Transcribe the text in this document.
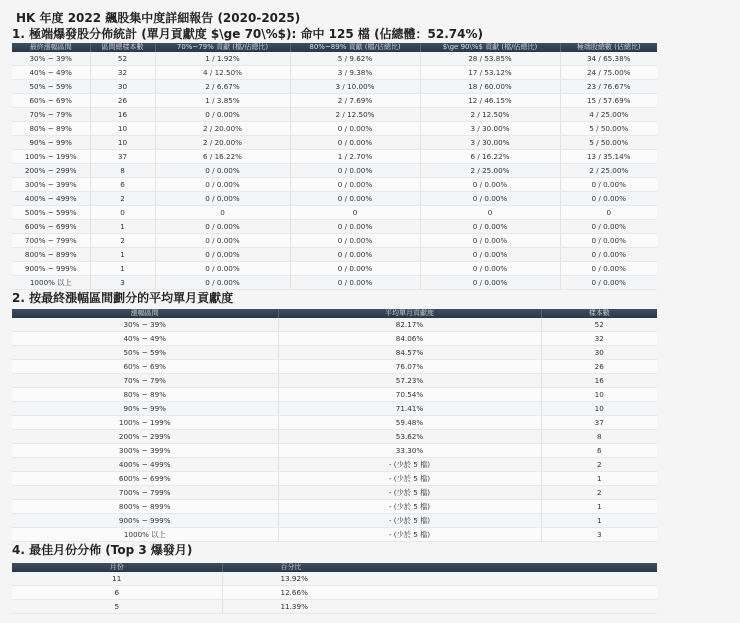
HK 年度 2022 飆股集中度詳細報告 (2020-2025)
1. 極端爆發股分佈統計 (單月貢獻度 $\ge 70\%$): 命中 125 檔 (佔總體：52.74%)
最終漲幅區間	區間總樣本數	70%~79% 貢獻 (檔/佔總比)	80%~89% 貢獻 (檔/佔總比)	$\ge 90\%$ 貢獻 (檔/佔總比)	極端股總數 (佔總比)
30% ~ 39%	52	1 / 1.92%	5 / 9.62%	28 / 53.85%	34 / 65.38%
40% ~ 49%	32	4 / 12.50%	3 / 9.38%	17 / 53.12%	24 / 75.00%
50% ~ 59%	30	2 / 6.67%	3 / 10.00%	18 / 60.00%	23 / 76.67%
60% ~ 69%	26	1 / 3.85%	2 / 7.69%	12 / 46.15%	15 / 57.69%
70% ~ 79%	16	0 / 0.00%	2 / 12.50%	2 / 12.50%	4 / 25.00%
80% ~ 89%	10	2 / 20.00%	0 / 0.00%	3 / 30.00%	5 / 50.00%
90% ~ 99%	10	2 / 20.00%	0 / 0.00%	3 / 30.00%	5 / 50.00%
100% ~ 199%	37	6 / 16.22%	1 / 2.70%	6 / 16.22%	13 / 35.14%
200% ~ 299%	8	0 / 0.00%	0 / 0.00%	2 / 25.00%	2 / 25.00%
300% ~ 399%	6	0 / 0.00%	0 / 0.00%	0 / 0.00%	0 / 0.00%
400% ~ 499%	2	0 / 0.00%	0 / 0.00%	0 / 0.00%	0 / 0.00%
500% ~ 599%	0	0	0	0	0
600% ~ 699%	1	0 / 0.00%	0 / 0.00%	0 / 0.00%	0 / 0.00%
700% ~ 799%	2	0 / 0.00%	0 / 0.00%	0 / 0.00%	0 / 0.00%
800% ~ 899%	1	0 / 0.00%	0 / 0.00%	0 / 0.00%	0 / 0.00%
900% ~ 999%	1	0 / 0.00%	0 / 0.00%	0 / 0.00%	0 / 0.00%
1000% 以上	3	0 / 0.00%	0 / 0.00%	0 / 0.00%	0 / 0.00%
2. 按最終漲幅區間劃分的平均單月貢獻度
漲幅區間	平均單月貢獻度	樣本數
30% ~ 39%	82.17%	52
40% ~ 49%	84.06%	32
50% ~ 59%	84.57%	30
60% ~ 69%	76.07%	26
70% ~ 79%	57.23%	16
80% ~ 89%	70.54%	10
90% ~ 99%	71.41%	10
100% ~ 199%	59.48%	37
200% ~ 299%	53.62%	8
300% ~ 399%	33.30%	6
400% ~ 499%	- (少於 5 檔)	2
600% ~ 699%	- (少於 5 檔)	1
700% ~ 799%	- (少於 5 檔)	2
800% ~ 899%	- (少於 5 檔)	1
900% ~ 999%	- (少於 5 檔)	1
1000% 以上	- (少於 5 檔)	3
4. 最佳月份分佈 (Top 3 爆發月)
月份	百分比
11	13.92%
6	12.66%
5	11.39%
